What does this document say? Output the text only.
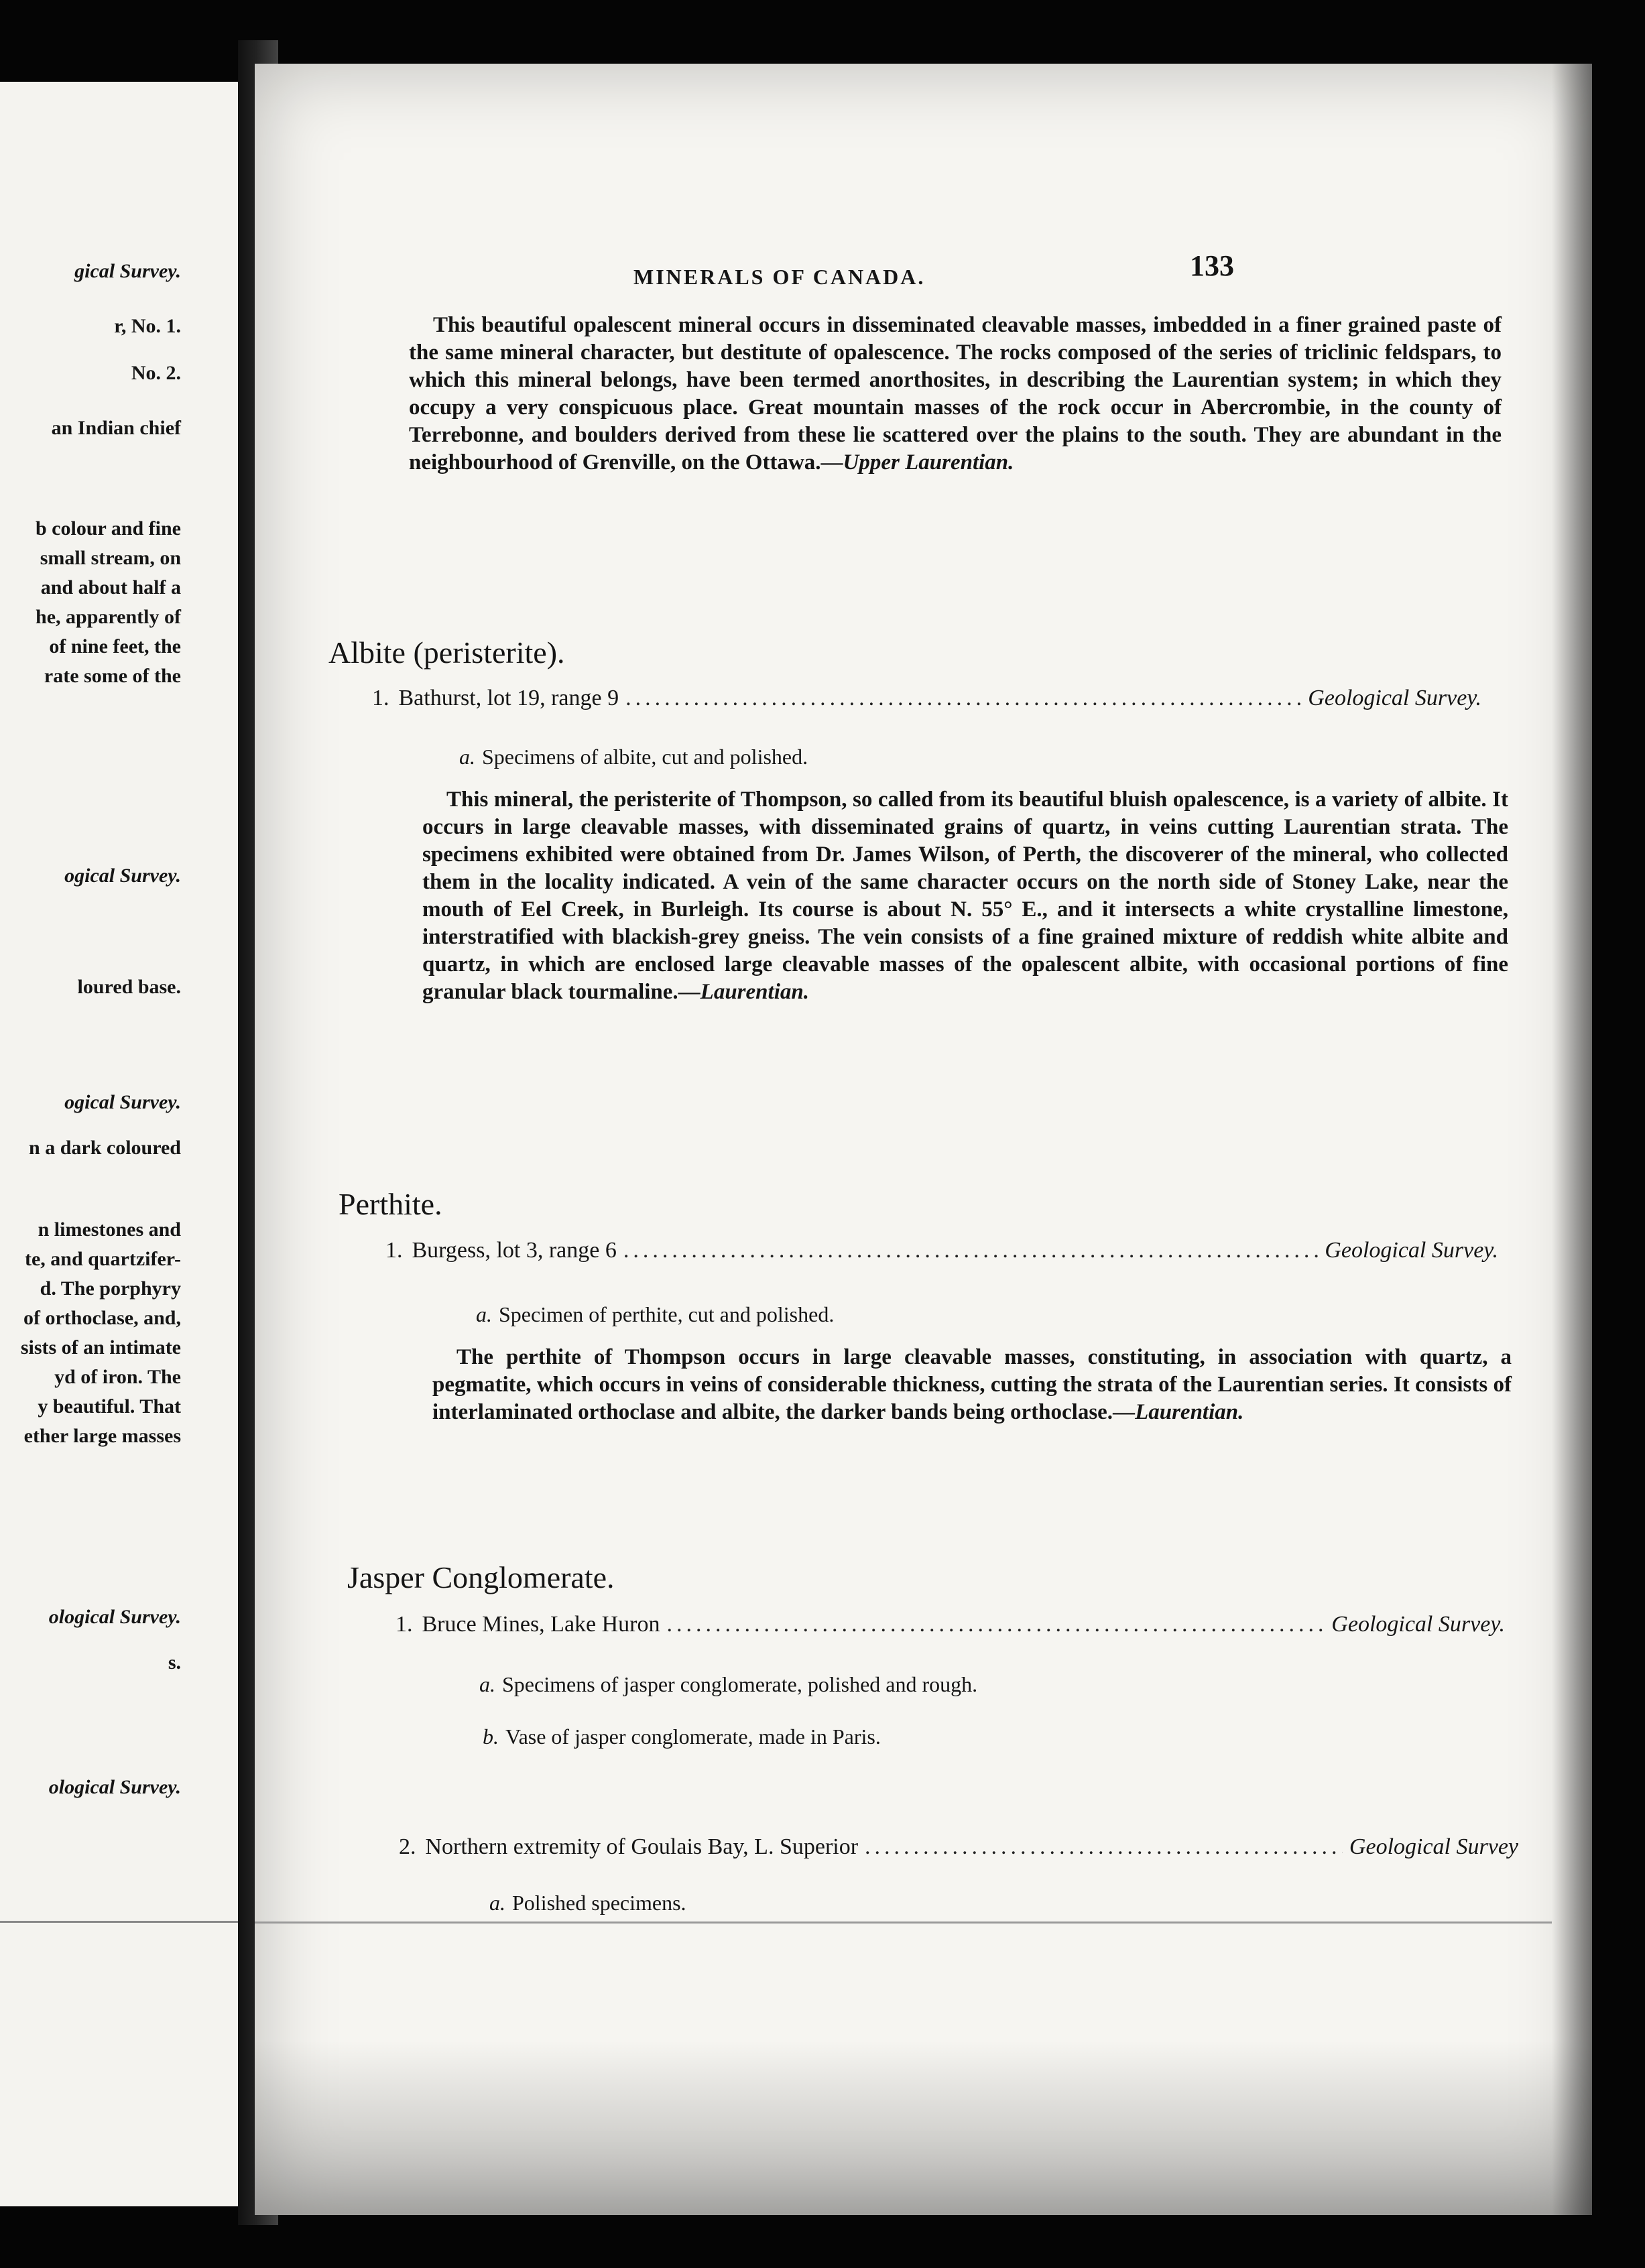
gical Survey.
r, No. 1.
No. 2.
an Indian chief
b colour and fine
small stream, on
and about half a
he, apparently of
of nine feet, the
rate some of the
ogical Survey.
loured base.
ogical Survey.
n a dark coloured
n limestones and
te, and quartzifer-
d. The porphyry
of orthoclase, and,
sists of an intimate
yd of iron. The
y beautiful. That
ether large masses
ological Survey.
s.
ological Survey.
MINERALS OF CANADA.	133
This beautiful opalescent mineral occurs in disseminated cleavable masses, imbedded in a finer grained paste of the same mineral character, but destitute of opalescence. The rocks composed of the series of triclinic feldspars, to which this mineral belongs, have been termed anorthosites, in describing the Laurentian system; in which they occupy a very conspicuous place. Great mountain masses of the rock occur in Abercrombie, in the county of Terrebonne, and boulders derived from these lie scattered over the plains to the south. They are abundant in the neighbourhood of Grenville, on the Ottawa.—Upper Laurentian.
Albite (peristerite).
1. Bathurst, lot 19, range 9 .....	Geological Survey.
a. Specimens of albite, cut and polished.
This mineral, the peristerite of Thompson, so called from its beautiful bluish opalescence, is a variety of albite. It occurs in large cleavable masses, with disseminated grains of quartz, in veins cutting Laurentian strata. The specimens exhibited were obtained from Dr. James Wilson, of Perth, the discoverer of the mineral, who collected them in the locality indicated. A vein of the same character occurs on the north side of Stoney Lake, near the mouth of Eel Creek, in Burleigh. Its course is about N. 55° E., and it intersects a white crystalline limestone, interstratified with blackish-grey gneiss. The vein consists of a fine grained mixture of reddish white albite and quartz, in which are enclosed large cleavable masses of the opalescent albite, with occasional portions of fine granular black tourmaline.—Laurentian.
Perthite.
1. Burgess, lot 3, range 6 .....	Geological Survey.
a. Specimen of perthite, cut and polished.
The perthite of Thompson occurs in large cleavable masses, constituting, in association with quartz, a pegmatite, which occurs in veins of considerable thickness, cutting the strata of the Laurentian series. It consists of interlaminated orthoclase and albite, the darker bands being orthoclase.—Laurentian.
Jasper Conglomerate.
1. Bruce Mines, Lake Huron .....	Geological Survey.
a. Specimens of jasper conglomerate, polished and rough.
b. Vase of jasper conglomerate, made in Paris.
2. Northern extremity of Goulais Bay, L. Superior .....	Geological Survey
a. Polished specimens.
